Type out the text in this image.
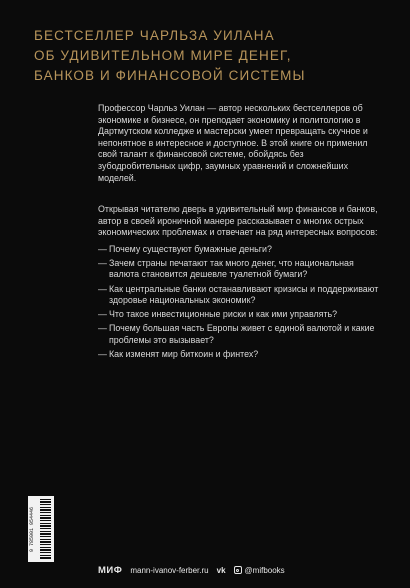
БЕСТСЕЛЛЕР ЧАРЛЬЗА УИЛАНА
ОБ УДИВИТЕЛЬНОМ МИРЕ ДЕНЕГ,
БАНКОВ И ФИНАНСОВОЙ СИСТЕМЫ

Профессор Чарльз Уилан — автор нескольких бестселлеров об экономике и бизнесе, он преподает экономику и политологию в Дартмутском колледже и мастерски умеет превращать скучное и непонятное в интересное и доступное. В этой книге он применил свой талант к финансовой системе, обойдясь без зубодробительных цифр, заумных уравнений и сложнейших моделей.

Открывая читателю дверь в удивительный мир финансов и банков, автор в своей ироничной манере рассказывает о многих острых экономических проблемах и отвечает на ряд интересных вопросов:

— Почему существуют бумажные деньги?
— Зачем страны печатают так много денег, что национальная валюта становится дешевле туалетной бумаги?
— Как центральные банки останавливают кризисы и поддерживают здоровье национальных экономик?
— Что такое инвестиционные риски и как ими управлять?
— Почему большая часть Европы живет с единой валютой и какие проблемы это вызывает?
— Как изменят мир биткоин и финтех?
9 785001 954446
МИФ mann-ivanov-ferber.ru vk @mifbooks
